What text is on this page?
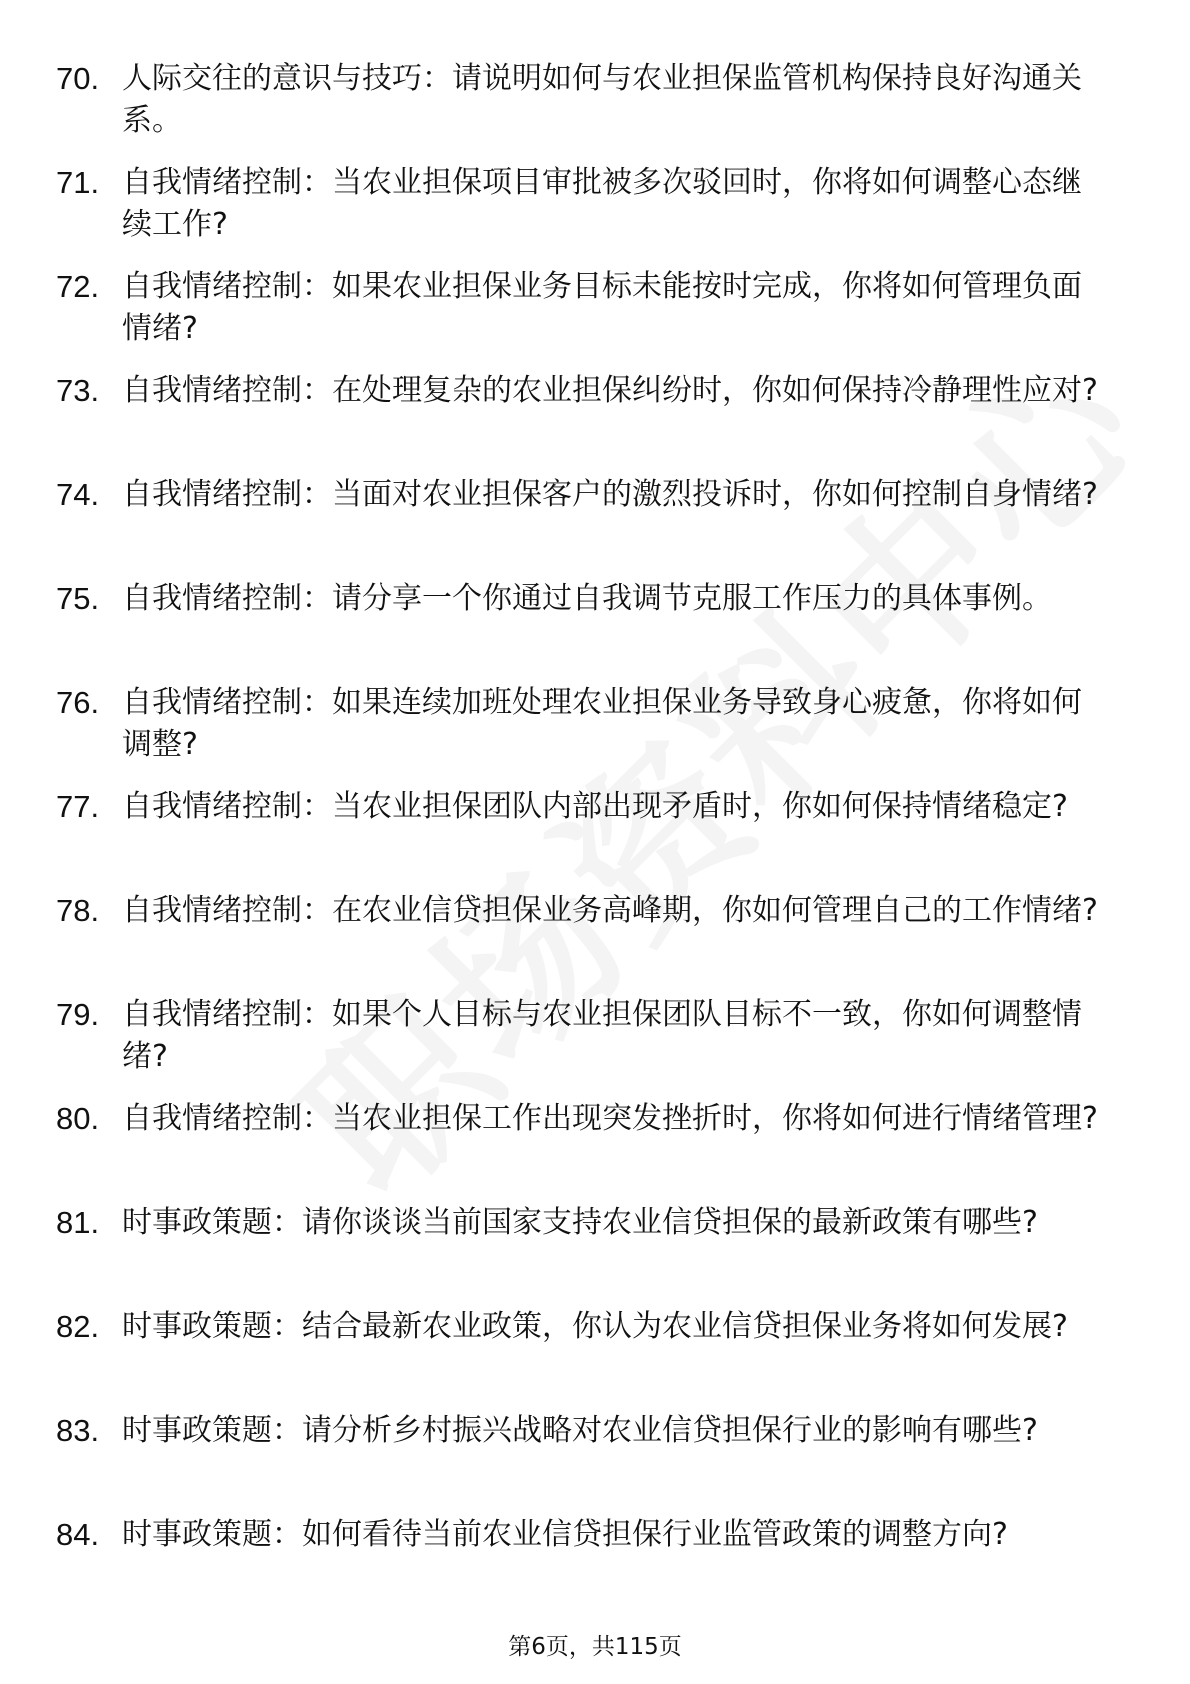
70. 人际交往的意识与技巧：请说明如何与农业担保监管机构保持良好沟通关系。
71. 自我情绪控制：当农业担保项目审批被多次驳回时，你将如何调整心态继续工作?
72. 自我情绪控制：如果农业担保业务目标未能按时完成，你将如何管理负面情绪?
73. 自我情绪控制：在处理复杂的农业担保纠纷时，你如何保持冷静理性应对?
74. 自我情绪控制：当面对农业担保客户的激烈投诉时，你如何控制自身情绪?
75. 自我情绪控制：请分享一个你通过自我调节克服工作压力的具体事例。
76. 自我情绪控制：如果连续加班处理农业担保业务导致身心疲惫，你将如何调整?
77. 自我情绪控制：当农业担保团队内部出现矛盾时，你如何保持情绪稳定?
78. 自我情绪控制：在农业信贷担保业务高峰期，你如何管理自己的工作情绪?
79. 自我情绪控制：如果个人目标与农业担保团队目标不一致，你如何调整情绪?
80. 自我情绪控制：当农业担保工作出现突发挫折时，你将如何进行情绪管理?
81. 时事政策题：请你谈谈当前国家支持农业信贷担保的最新政策有哪些?
82. 时事政策题：结合最新农业政策，你认为农业信贷担保业务将如何发展?
83. 时事政策题：请分析乡村振兴战略对农业信贷担保行业的影响有哪些?
84. 时事政策题：如何看待当前农业信贷担保行业监管政策的调整方向?
第6页，共115页
